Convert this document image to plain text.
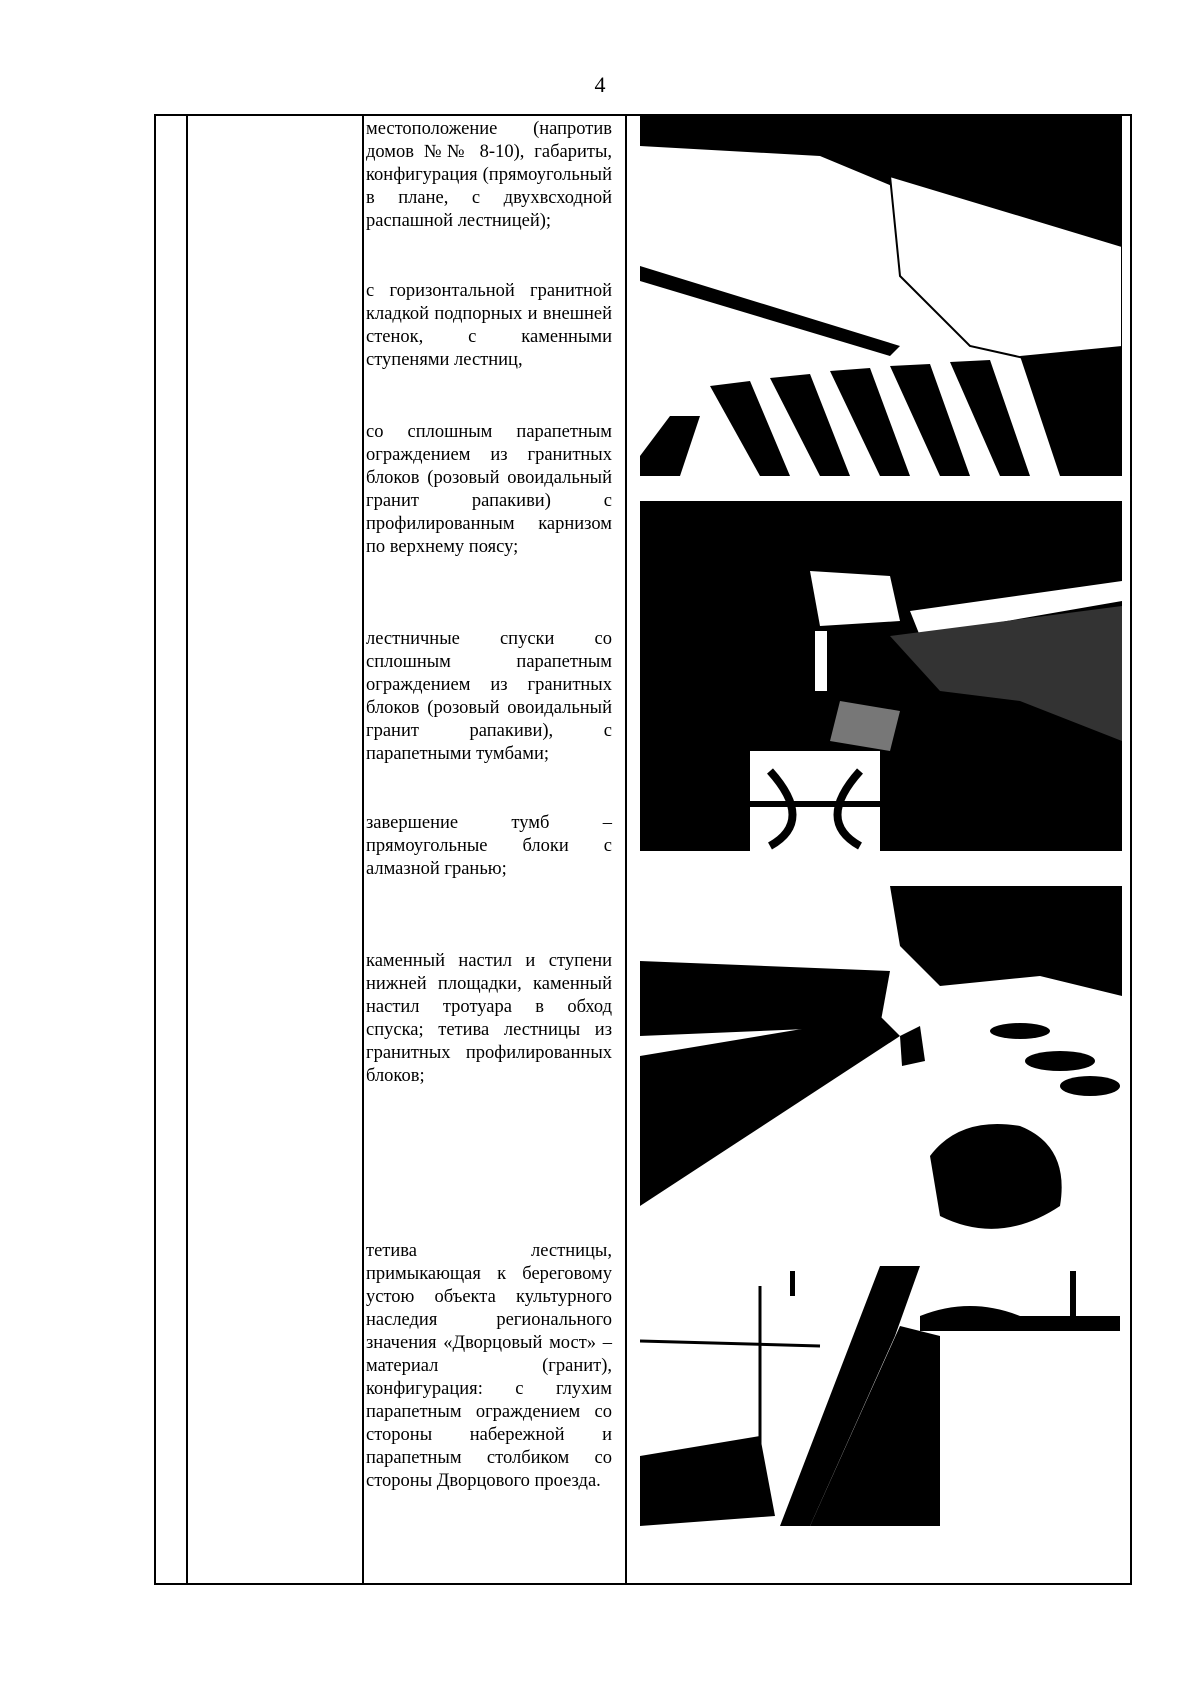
4
местоположение (напротив домов №№ 8-10), габариты, конфигурация (прямоугольный в плане, с двухвсходной распашной лестницей);
с горизонтальной гранитной кладкой подпорных и внешней стенок, с каменными ступенями лестниц,
со сплошным парапетным ограждением из гранитных блоков (розовый овоидальный гранит рапакиви) с профилированным карнизом по верхнему поясу;
лестничные спуски со сплошным парапетным ограждением из гранитных блоков (розовый овоидальный гранит рапакиви), с парапетными тумбами;
завершение тумб – прямоугольные блоки с алмазной гранью;
каменный настил и ступени нижней площадки, каменный настил тротуара в обход спуска; тетива лестницы из гранитных профилированных блоков;
тетива лестницы, примыкающая к береговому устою объекта культурного наследия регионального значения «Дворцовый мост» – материал (гранит), конфигурация: с глухим парапетным ограждением со стороны набережной и парапетным столбиком со стороны Дворцового проезда.
